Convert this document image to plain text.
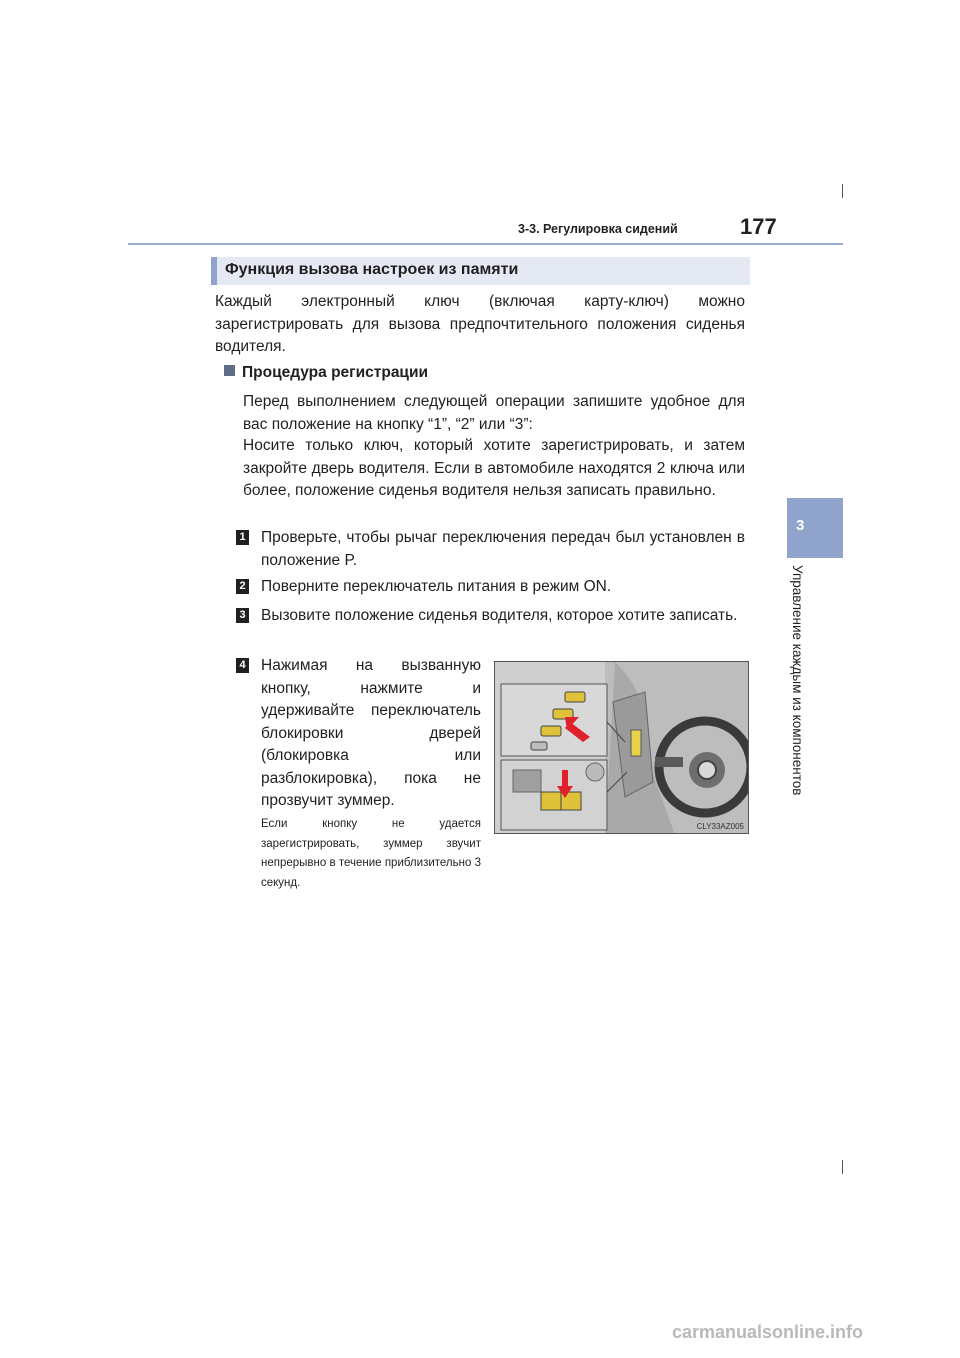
3-3. Регулировка сидений	177
3
Управление каждым из компонентов
Функция вызова настроек из памяти

Каждый электронный ключ (включая карту-ключ) можно зарегистрировать для вызова предпочтительного положения сиденья водителя.

Процедура регистрации

Перед выполнением следующей операции запишите удобное для вас положение на кнопку “1”, “2” или “3”:

Носите только ключ, который хотите зарегистрировать, и затем закройте дверь водителя. Если в автомобиле находятся 2 ключа или более, положение сиденья водителя нельзя записать правильно.

1 Проверьте, чтобы рычаг переключения передач был установлен в положение P.

2 Поверните переключатель питания в режим ON.

3 Вызовите положение сиденья водителя, которое хотите записать.

4 Нажимая на вызванную кнопку, нажмите и удерживайте переключатель блокировки дверей (блокировка или разблокировка), пока не прозвучит зуммер.

Если кнопку не удается зарегистрировать, зуммер звучит непрерывно в течение приблизительно 3 секунд.

CLY33AZ005
carmanualsonline.info
